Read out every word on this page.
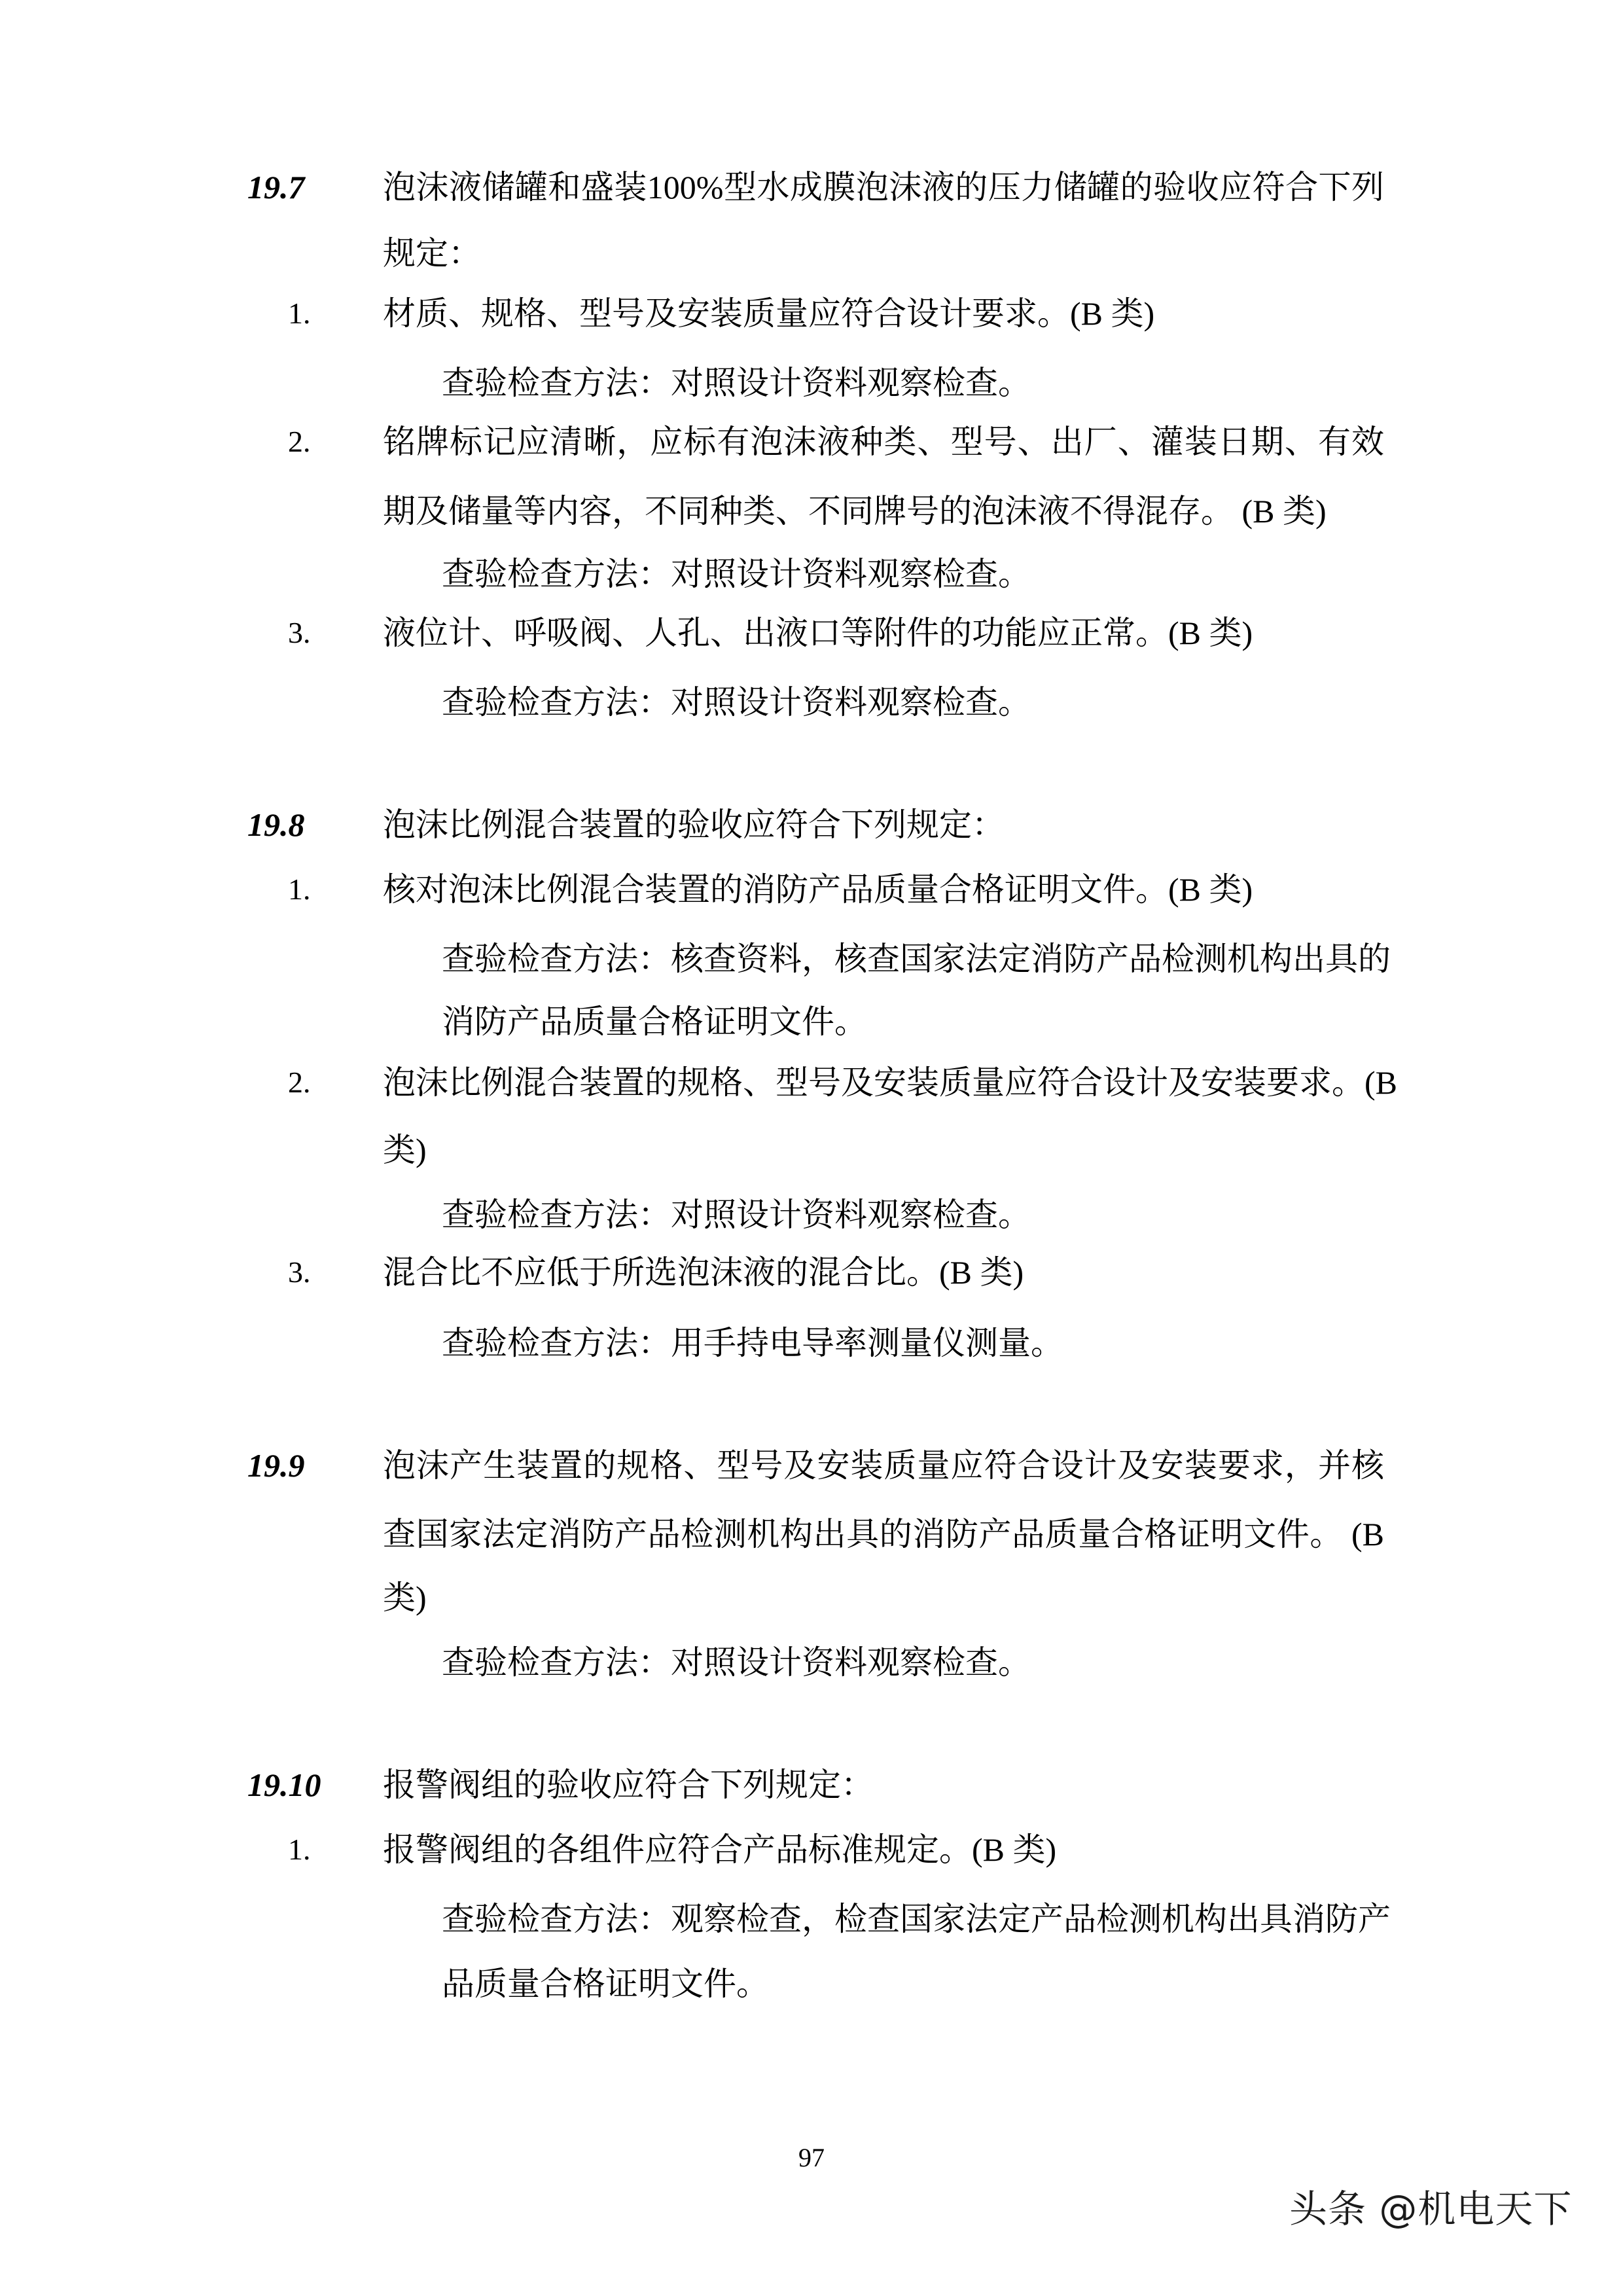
19.7 泡沫液储罐和盛装100%型水成膜泡沫液的压力储罐的验收应符合下列
规定：
1. 材质、规格、型号及安装质量应符合设计要求。(B 类)
查验检查方法：对照设计资料观察检查。
2. 铭牌标记应清晰，应标有泡沫液种类、型号、出厂、灌装日期、有效
期及储量等内容，不同种类、不同牌号的泡沫液不得混存。 (B 类)
查验检查方法：对照设计资料观察检查。
3. 液位计、呼吸阀、人孔、出液口等附件的功能应正常。(B 类)
查验检查方法：对照设计资料观察检查。
19.8 泡沫比例混合装置的验收应符合下列规定：
1. 核对泡沫比例混合装置的消防产品质量合格证明文件。(B 类)
查验检查方法：核查资料，核查国家法定消防产品检测机构出具的
消防产品质量合格证明文件。
2. 泡沫比例混合装置的规格、型号及安装质量应符合设计及安装要求。(B
类)
查验检查方法：对照设计资料观察检查。
3. 混合比不应低于所选泡沫液的混合比。(B 类)
查验检查方法：用手持电导率测量仪测量。
19.9 泡沫产生装置的规格、型号及安装质量应符合设计及安装要求，并核
查国家法定消防产品检测机构出具的消防产品质量合格证明文件。 (B
类)
查验检查方法：对照设计资料观察检查。
19.10 报警阀组的验收应符合下列规定：
1. 报警阀组的各组件应符合产品标准规定。(B 类)
查验检查方法：观察检查，检查国家法定产品检测机构出具消防产
品质量合格证明文件。
97
头条 @机电天下
